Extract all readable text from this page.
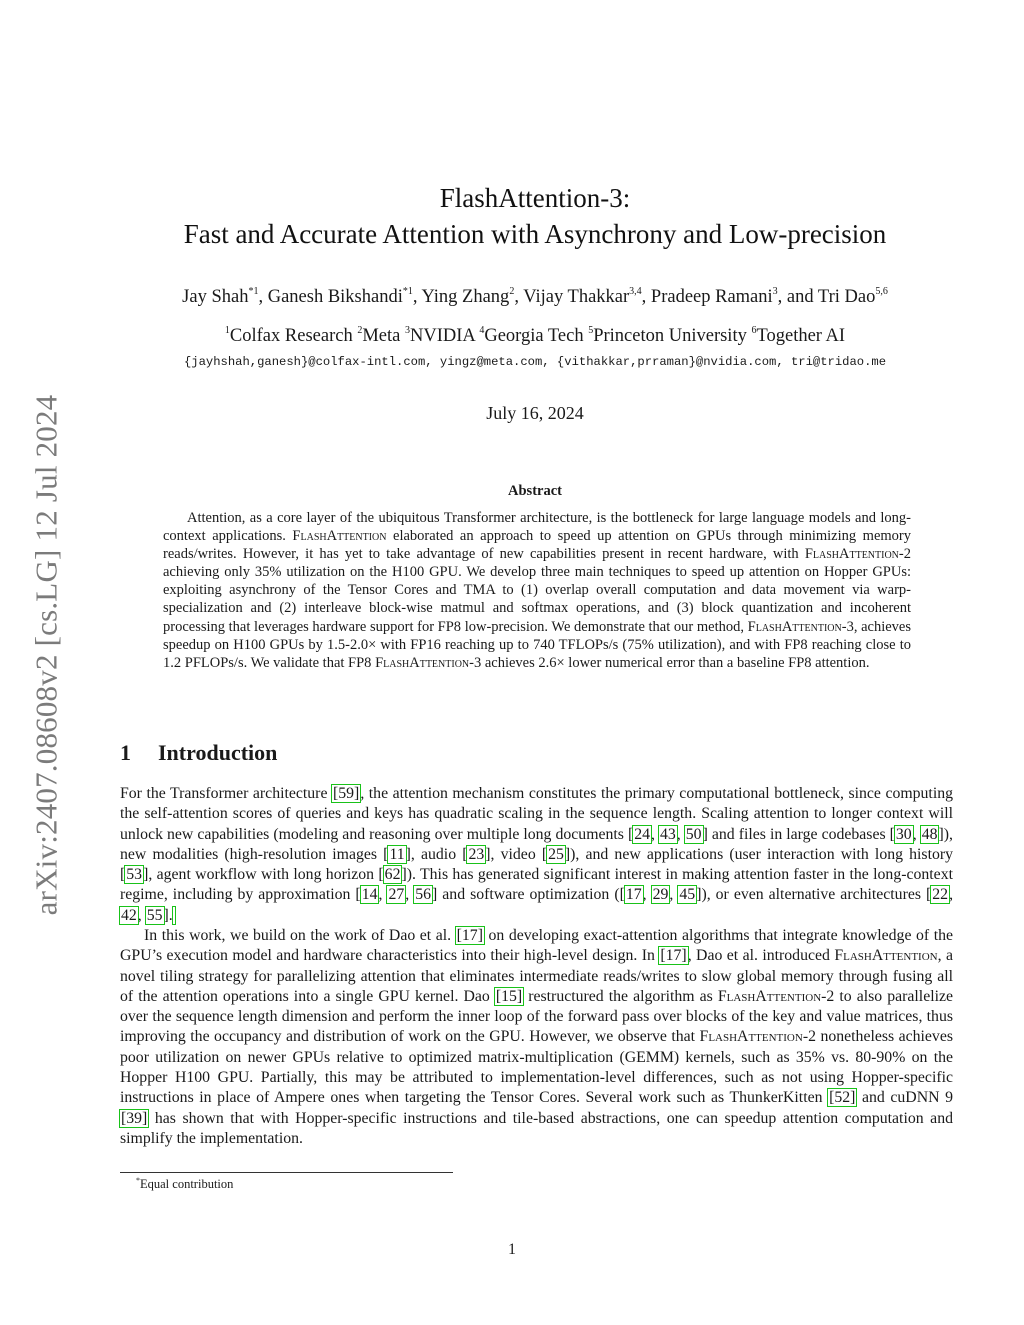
arXiv:2407.08608v2 [cs.LG] 12 Jul 2024
FlashAttention-3:
Fast and Accurate Attention with Asynchrony and Low-precision
Jay Shah$^{*1}$, Ganesh Bikshandi$^{*1}$, Ying Zhang$^2$, Vijay Thakkar$^{3,4}$, Pradeep Ramani$^3$, and Tri Dao$^{5,6}$
$^1$Colfax Research $^2$Meta $^3$NVIDIA $^4$Georgia Tech $^5$Princeton University $^6$Together AI
{jayhshah,ganesh}@colfax-intl.com, yingz@meta.com, {vithakkar,prraman}@nvidia.com, tri@tridao.me
July 16, 2024
Abstract

Attention, as a core layer of the ubiquitous Transformer architecture, is the bottleneck for large language models and long-context applications. FlashAttention elaborated an approach to speed up attention on GPUs through minimizing memory reads/writes. However, it has yet to take advantage of new capabilities present in recent hardware, with FlashAttention-2 achieving only 35% utilization on the H100 GPU. We develop three main techniques to speed up attention on Hopper GPUs: exploiting asynchrony of the Tensor Cores and TMA to (1) overlap overall computation and data movement via warp-specialization and (2) interleave block-wise matmul and softmax operations, and (3) block quantization and incoherent processing that leverages hardware support for FP8 low-precision. We demonstrate that our method, FlashAttention-3, achieves speedup on H100 GPUs by 1.5-2.0× with FP16 reaching up to 740 TFLOPs/s (75% utilization), and with FP8 reaching close to 1.2 PFLOPs/s. We validate that FP8 FlashAttention-3 achieves 2.6× lower numerical error than a baseline FP8 attention.

1 Introduction

For the Transformer architecture [59], the attention mechanism constitutes the primary computational bottleneck, since computing the self-attention scores of queries and keys has quadratic scaling in the sequence length. Scaling attention to longer context will unlock new capabilities (modeling and reasoning over multiple long documents [24, 43, 50] and files in large codebases [30, 48]), new modalities (high-resolution images [11], audio [23], video [25]), and new applications (user interaction with long history [53], agent workflow with long horizon [62]). This has generated significant interest in making attention faster in the long-context regime, including by approximation [14, 27, 56] and software optimization ([17, 29, 45]), or even alternative architectures [22, 42, 55].

In this work, we build on the work of Dao et al. [17] on developing exact-attention algorithms that integrate knowledge of the GPU’s execution model and hardware characteristics into their high-level design. In [17], Dao et al. introduced FlashAttention, a novel tiling strategy for parallelizing attention that eliminates intermediate reads/writes to slow global memory through fusing all of the attention operations into a single GPU kernel. Dao [15] restructured the algorithm as FlashAttention-2 to also parallelize over the sequence length dimension and perform the inner loop of the forward pass over blocks of the key and value matrices, thus improving the occupancy and distribution of work on the GPU. However, we observe that FlashAttention-2 nonetheless achieves poor utilization on newer GPUs relative to optimized matrix-multiplication (GEMM) kernels, such as 35% vs. 80-90% on the Hopper H100 GPU. Partially, this may be attributed to implementation-level differences, such as not using Hopper-specific instructions in place of Ampere ones when targeting the Tensor Cores. Several work such as ThunkerKitten [52] and cuDNN 9 [39] has shown that with Hopper-specific instructions and tile-based abstractions, one can speedup attention computation and simplify the implementation.

*Equal contribution
1
